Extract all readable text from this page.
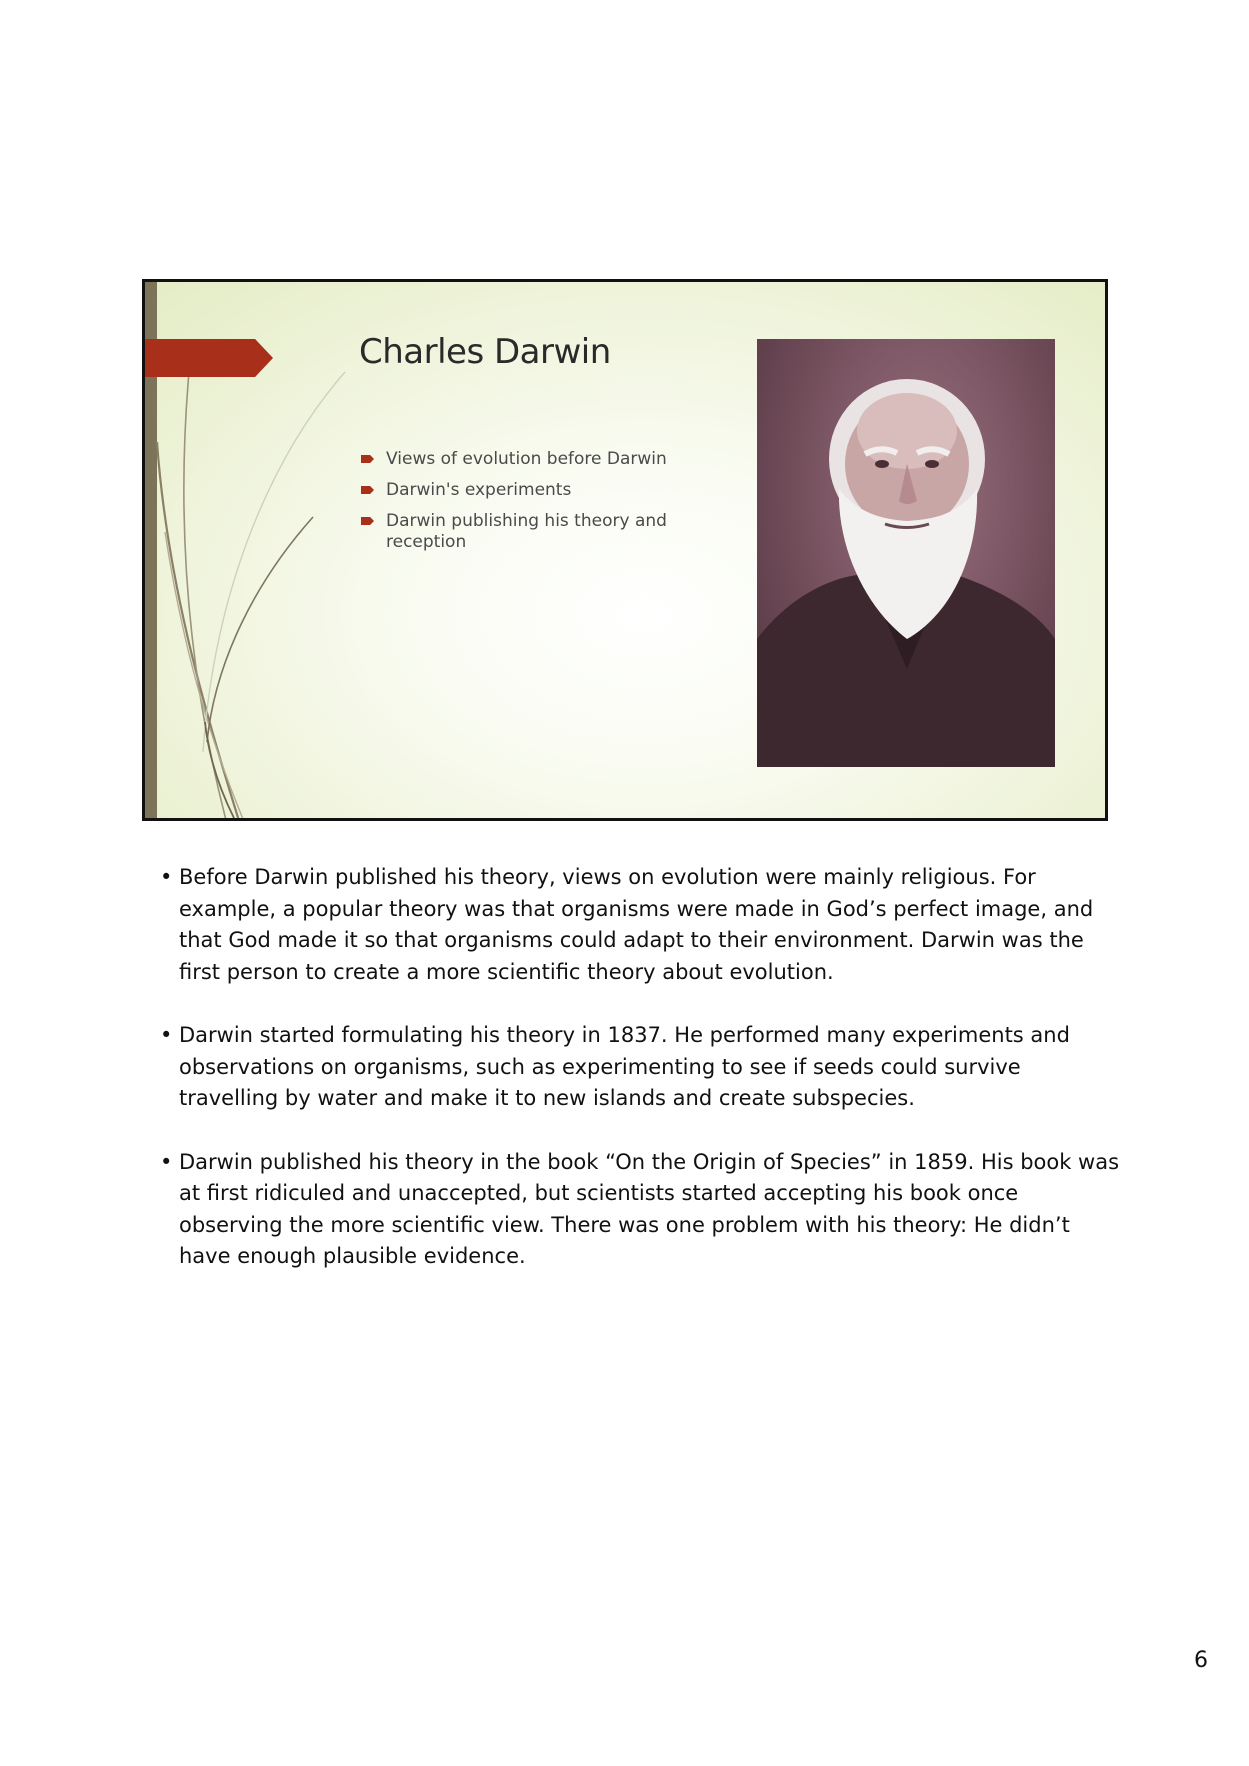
Charles Darwin
Views of evolution before Darwin
Darwin's experiments
Darwin publishing his theory and reception
• Before Darwin published his theory, views on evolution were mainly religious. For example, a popular theory was that organisms were made in God’s perfect image, and that God made it so that organisms could adapt to their environment. Darwin was the first person to create a more scientific theory about evolution.
• Darwin started formulating his theory in 1837. He performed many experiments and observations on organisms, such as experimenting to see if seeds could survive travelling by water and make it to new islands and create subspecies.
• Darwin published his theory in the book “On the Origin of Species” in 1859. His book was at first ridiculed and unaccepted, but scientists started accepting his book once observing the more scientific view. There was one problem with his theory: He didn’t have enough plausible evidence.
6
